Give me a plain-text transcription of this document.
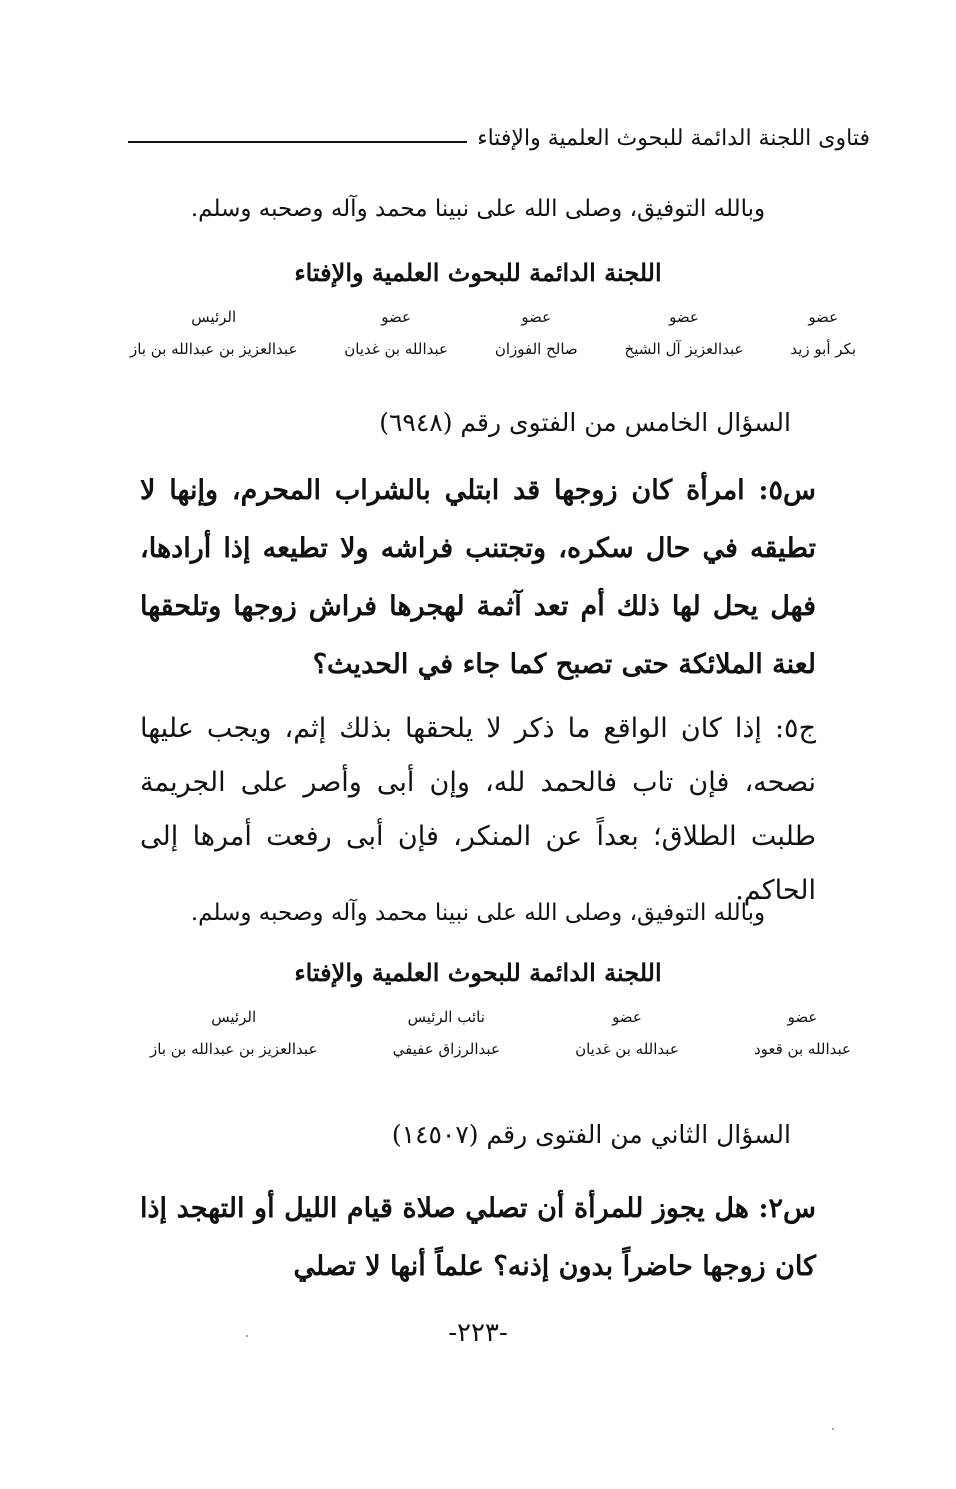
فتاوى اللجنة الدائمة للبحوث العلمية والإفتاء
وبالله التوفيق، وصلى الله على نبينا محمد وآله وصحبه وسلم.
اللجنة الدائمة للبحوث العلمية والإفتاء
عضو
بكر أبو زيد
عضو
عبدالعزيز آل الشيخ
عضو
صالح الفوزان
عضو
عبدالله بن غديان
الرئيس
عبدالعزيز بن عبدالله بن باز
السؤال الخامس من الفتوى رقم (٦٩٤٨)
س٥: امرأة كان زوجها قد ابتلي بالشراب المحرم، وإنها لا تطيقه في حال سكره، وتجتنب فراشه ولا تطيعه إذا أرادها، فهل يحل لها ذلك أم تعد آثمة لهجرها فراش زوجها وتلحقها لعنة الملائكة حتى تصبح كما جاء في الحديث؟
ج٥: إذا كان الواقع ما ذكر لا يلحقها بذلك إثم، ويجب عليها نصحه، فإن تاب فالحمد لله، وإن أبى وأصر على الجريمة طلبت الطلاق؛ بعداً عن المنكر، فإن أبى رفعت أمرها إلى الحاكم.
وبالله التوفيق، وصلى الله على نبينا محمد وآله وصحبه وسلم.
اللجنة الدائمة للبحوث العلمية والإفتاء
عضو
عبدالله بن قعود
عضو
عبدالله بن غديان
نائب الرئيس
عبدالرزاق عفيفي
الرئيس
عبدالعزيز بن عبدالله بن باز
السؤال الثاني من الفتوى رقم (١٤٥٠٧)
س٢: هل يجوز للمرأة أن تصلي صلاة قيام الليل أو التهجد إذا كان زوجها حاضراً بدون إذنه؟ علماً أنها لا تصلي
-٢٢٣-
